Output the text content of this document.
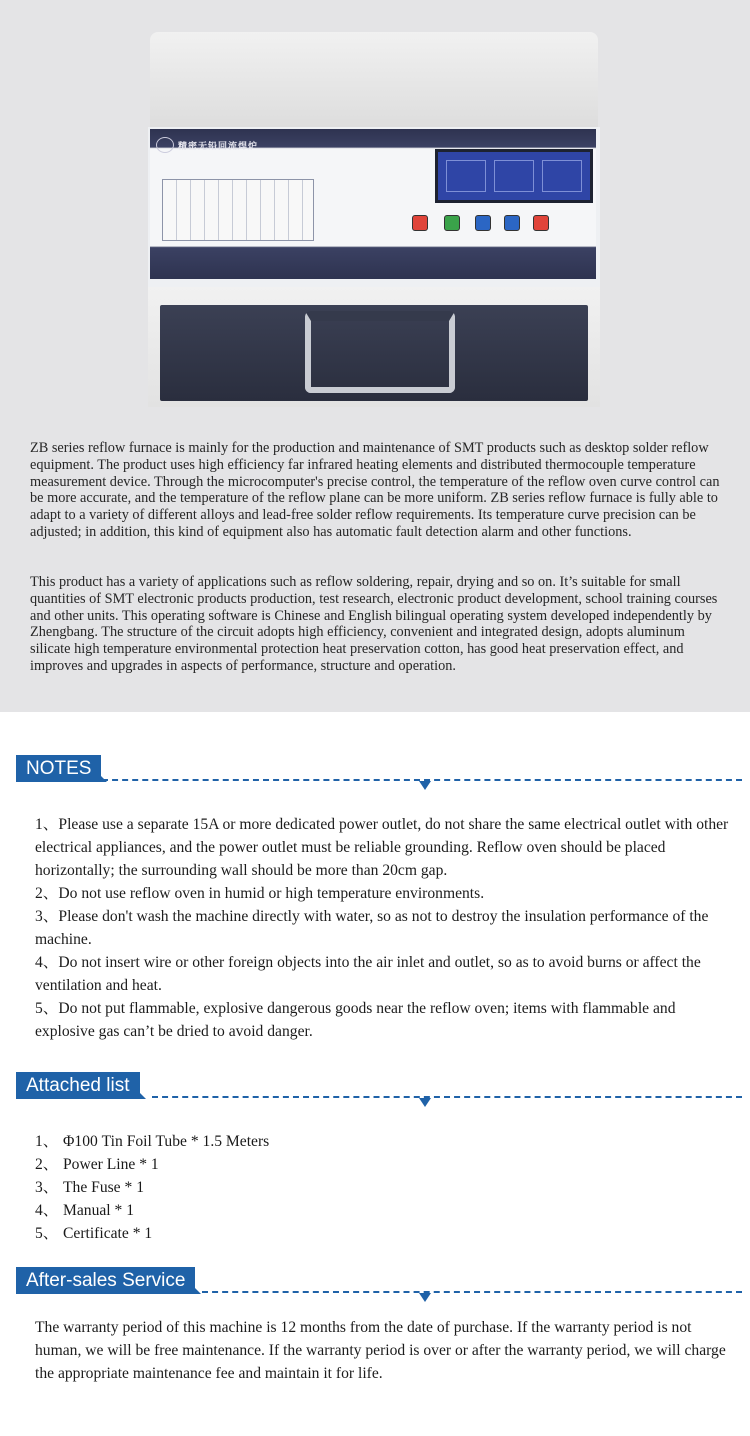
精密无铅回流焊炉

ZB series reflow furnace is mainly for the production and maintenance of SMT products such as desktop solder reflow equipment. The product uses high efficiency far infrared heating elements and distributed thermocouple temperature measurement device. Through the microcomputer's precise control, the temperature of the reflow oven curve control can be more accurate, and the temperature of the reflow plane can be more uniform. ZB series reflow furnace is fully able to adapt to a variety of different alloys and lead-free solder reflow requirements. Its temperature curve precision can be adjusted; in addition, this kind of equipment also has automatic fault detection alarm and other functions.

This product has a variety of applications such as reflow soldering, repair, drying and so on. It’s suitable for small quantities of SMT electronic products production, test research, electronic product development, school training courses and other units. This operating software is Chinese and English bilingual operating system developed independently by Zhengbang. The structure of the circuit adopts high efficiency, convenient and integrated design, adopts aluminum silicate high temperature environmental protection heat preservation cotton, has good heat preservation effect, and improves and upgrades in aspects of performance, structure and operation.

NOTES

1、Please use a separate 15A or more dedicated power outlet, do not share the same electrical outlet with other electrical appliances, and the power outlet must be reliable grounding. Reflow oven should be placed horizontally; the surrounding wall should be more than 20cm gap.

2、Do not use reflow oven in humid or high temperature environments.

3、Please don't wash the machine directly with water, so as not to destroy the insulation performance of the machine.

4、Do not insert wire or other foreign objects into the air inlet and outlet, so as to avoid burns or affect the ventilation and heat.

5、Do not put flammable, explosive dangerous goods near the reflow oven; items with flammable and explosive gas can’t be dried to avoid danger.

Attached list
1、 Φ100 Tin Foil Tube * 1.5 Meters
2、 Power Line * 1
3、 The Fuse * 1
4、 Manual * 1
5、 Certificate * 1
After-sales Service

The warranty period of this machine is 12 months from the date of purchase. If the warranty period is not human, we will be free maintenance. If the warranty period is over or after the warranty period, we will charge the appropriate maintenance fee and maintain it for life.
